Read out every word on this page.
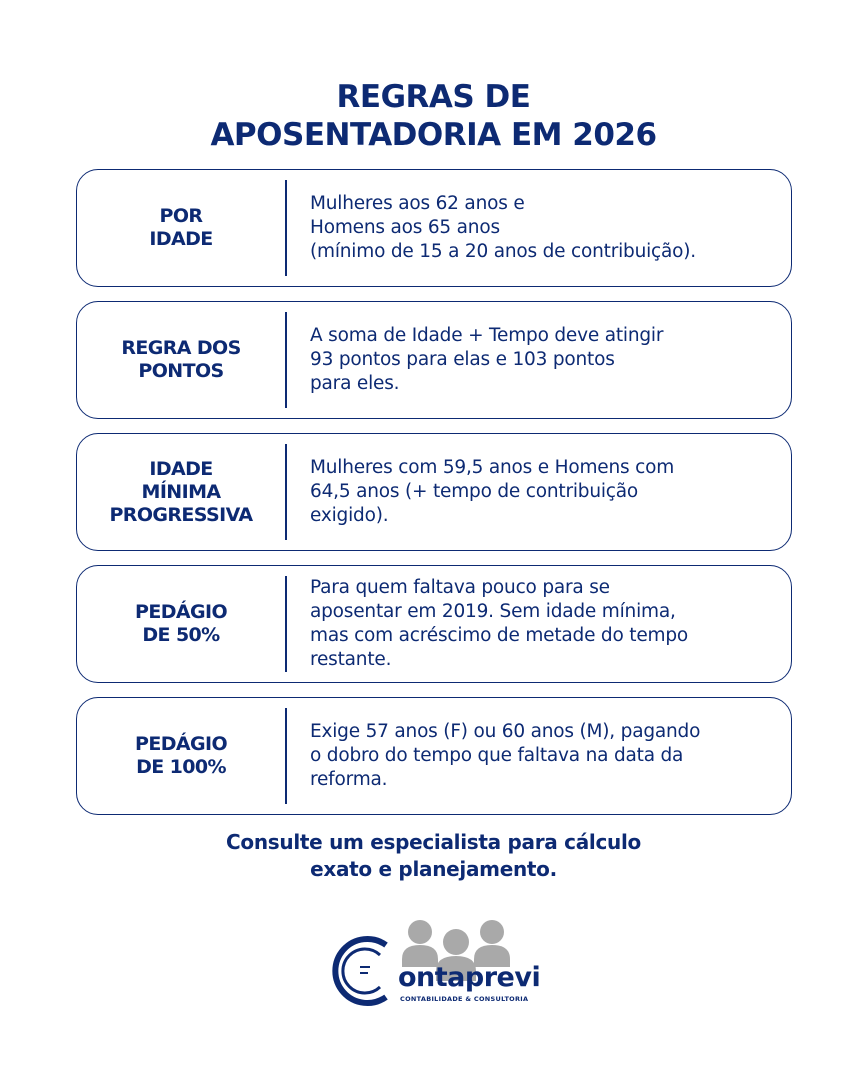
REGRAS DE
APOSENTADORIA EM 2026
POR
IDADE
Mulheres aos 62 anos e
Homens aos 65 anos
(mínimo de 15 a 20 anos de contribuição).
REGRA DOS
PONTOS
A soma de Idade + Tempo deve atingir
93 pontos para elas e 103 pontos
para eles.
IDADE
MÍNIMA
PROGRESSIVA
Mulheres com 59,5 anos e Homens com
64,5 anos (+ tempo de contribuição
exigido).
PEDÁGIO
DE 50%
Para quem faltava pouco para se
aposentar em 2019. Sem idade mínima,
mas com acréscimo de metade do tempo
restante.
PEDÁGIO
DE 100%
Exige 57 anos (F) ou 60 anos (M), pagando
o dobro do tempo que faltava na data da
reforma.
Consulte um especialista para cálculo
exato e planejamento.
ontaprevi
CONTABILIDADE & CONSULTORIA
